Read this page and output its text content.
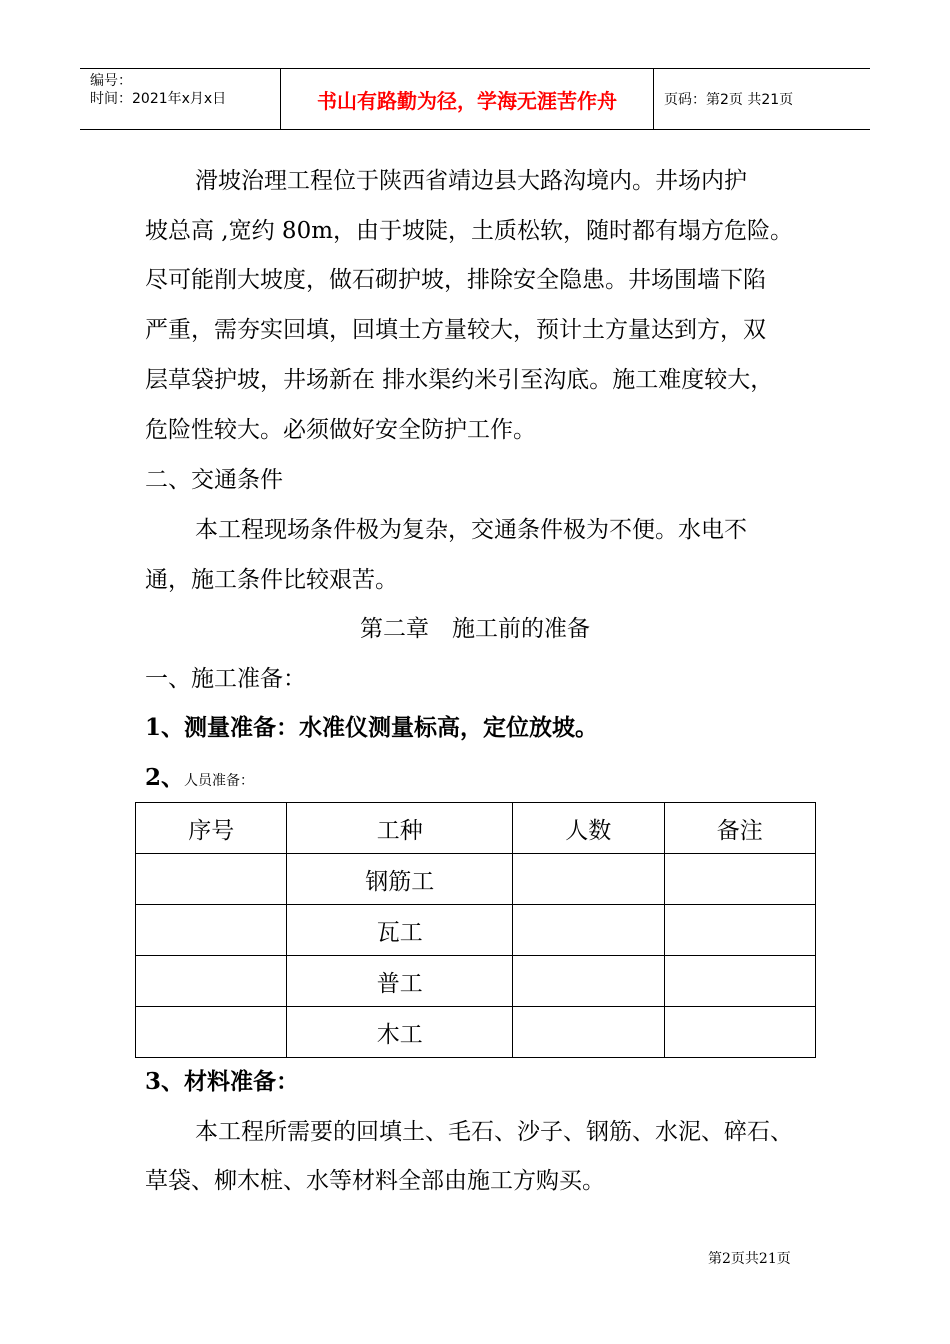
编号：
时间：2021年x月x日	书山有路勤为径，学海无涯苦作舟	页码：第2页 共21页
滑坡治理工程位于陕西省靖边县大路沟境内。井场内护
坡总高 ,宽约 80m，由于坡陡，土质松软，随时都有塌方危险。
尽可能削大坡度，做石砌护坡，排除安全隐患。井场围墙下陷
严重，需夯实回填，回填土方量较大，预计土方量达到方，双
层草袋护坡，井场新在 排水渠约米引至沟底。施工难度较大，
危险性较大。必须做好安全防护工作。
二、交通条件
本工程现场条件极为复杂，交通条件极为不便。水电不
通，施工条件比较艰苦。
第二章　施工前的准备
一、施工准备：
1、测量准备：水准仪测量标高，定位放坡。
2、人员准备：
序号	工种	人数	备注
	钢筋工		
	瓦工		
	普工		
	木工		
3、材料准备：
本工程所需要的回填土、毛石、沙子、钢筋、水泥、碎石、
草袋、柳木桩、水等材料全部由施工方购买。
第2页共21页
